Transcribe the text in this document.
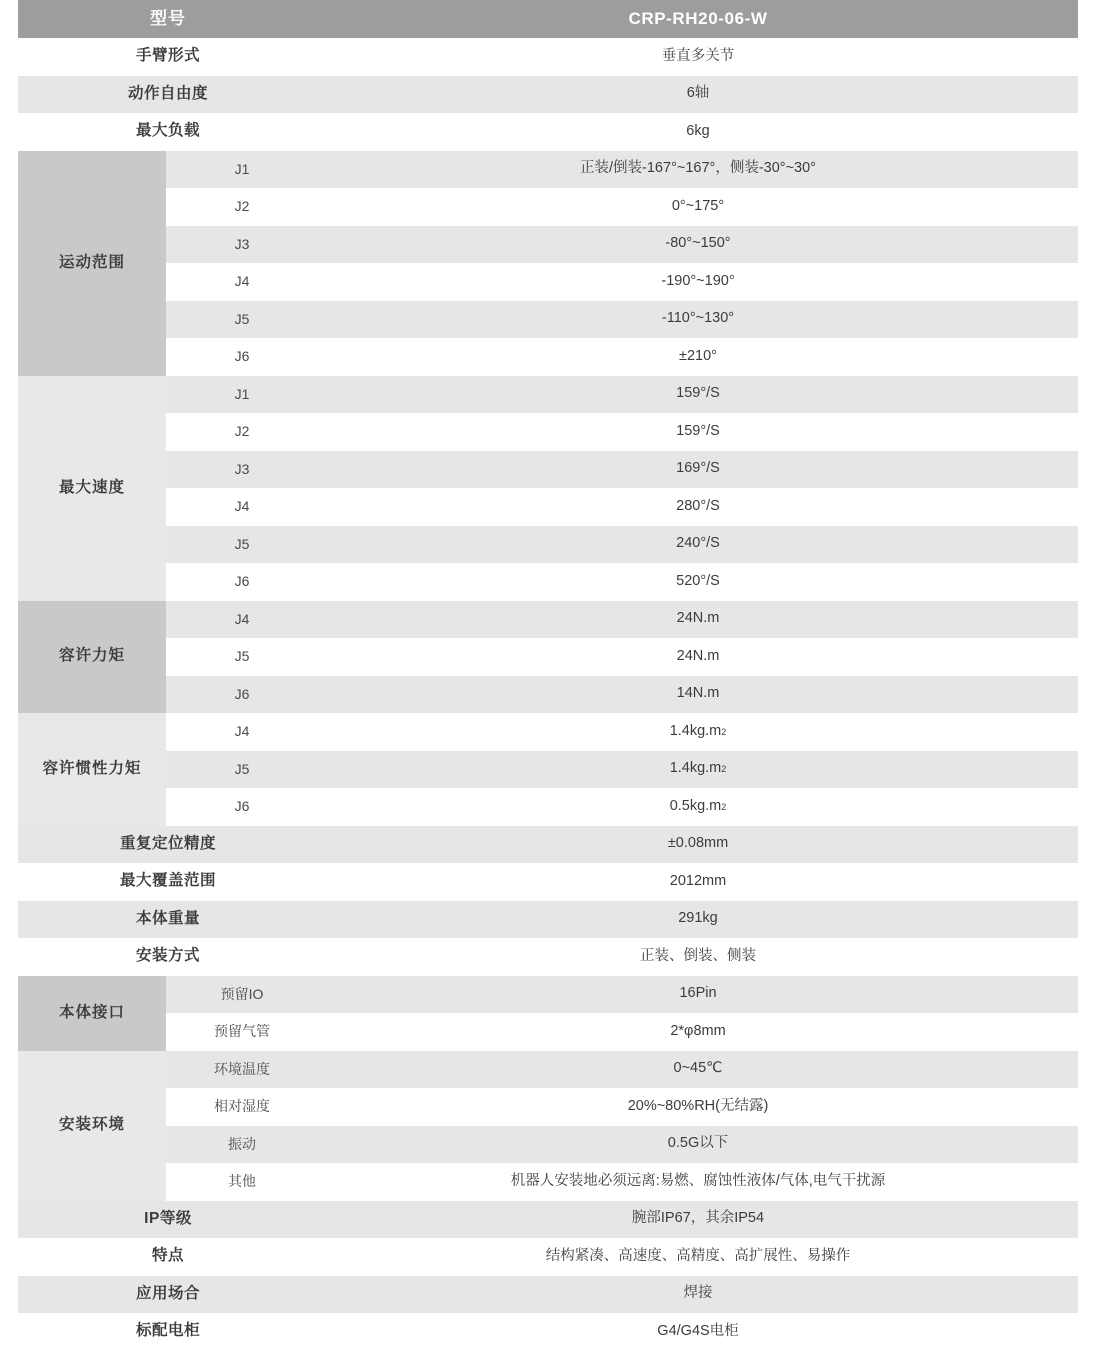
型号		CRP-RH20-06-W

手臂形式		垂直多关节

动作自由度		6轴

最大负载		6kg

运动范围	J1	正装/倒装-167°~167°，侧装-30°~30°

J2	0°~175°

J3	-80°~150°

J4	-190°~190°

J5	-110°~130°

J6	±210°

最大速度	J1	159°/S

J2	159°/S

J3	169°/S

J4	280°/S

J5	240°/S

J6	520°/S

容许力矩	J4	24N.m

J5	24N.m

J6	14N.m

容许惯性力矩	J4	1.4kg.m 2

J5	1.4kg.m 2

J6	0.5kg.m 2

重复定位精度		±0.08mm

最大覆盖范围		2012mm

本体重量		291kg

安装方式		正装、倒装、侧装

本体接口	预留IO	16Pin

预留气管	2*φ8mm

安装环境	环境温度	0~45℃

相对湿度	20%~80%RH(无结露)

振动	0.5G以下

其他	机器人安装地必须远离:易燃、腐蚀性液体/气体,电气干扰源

IP等级		腕部IP67，其余IP54

特点		结构紧凑、高速度、高精度、高扩展性、易操作

应用场合		焊接

标配电柜		G4/G4S电柜
